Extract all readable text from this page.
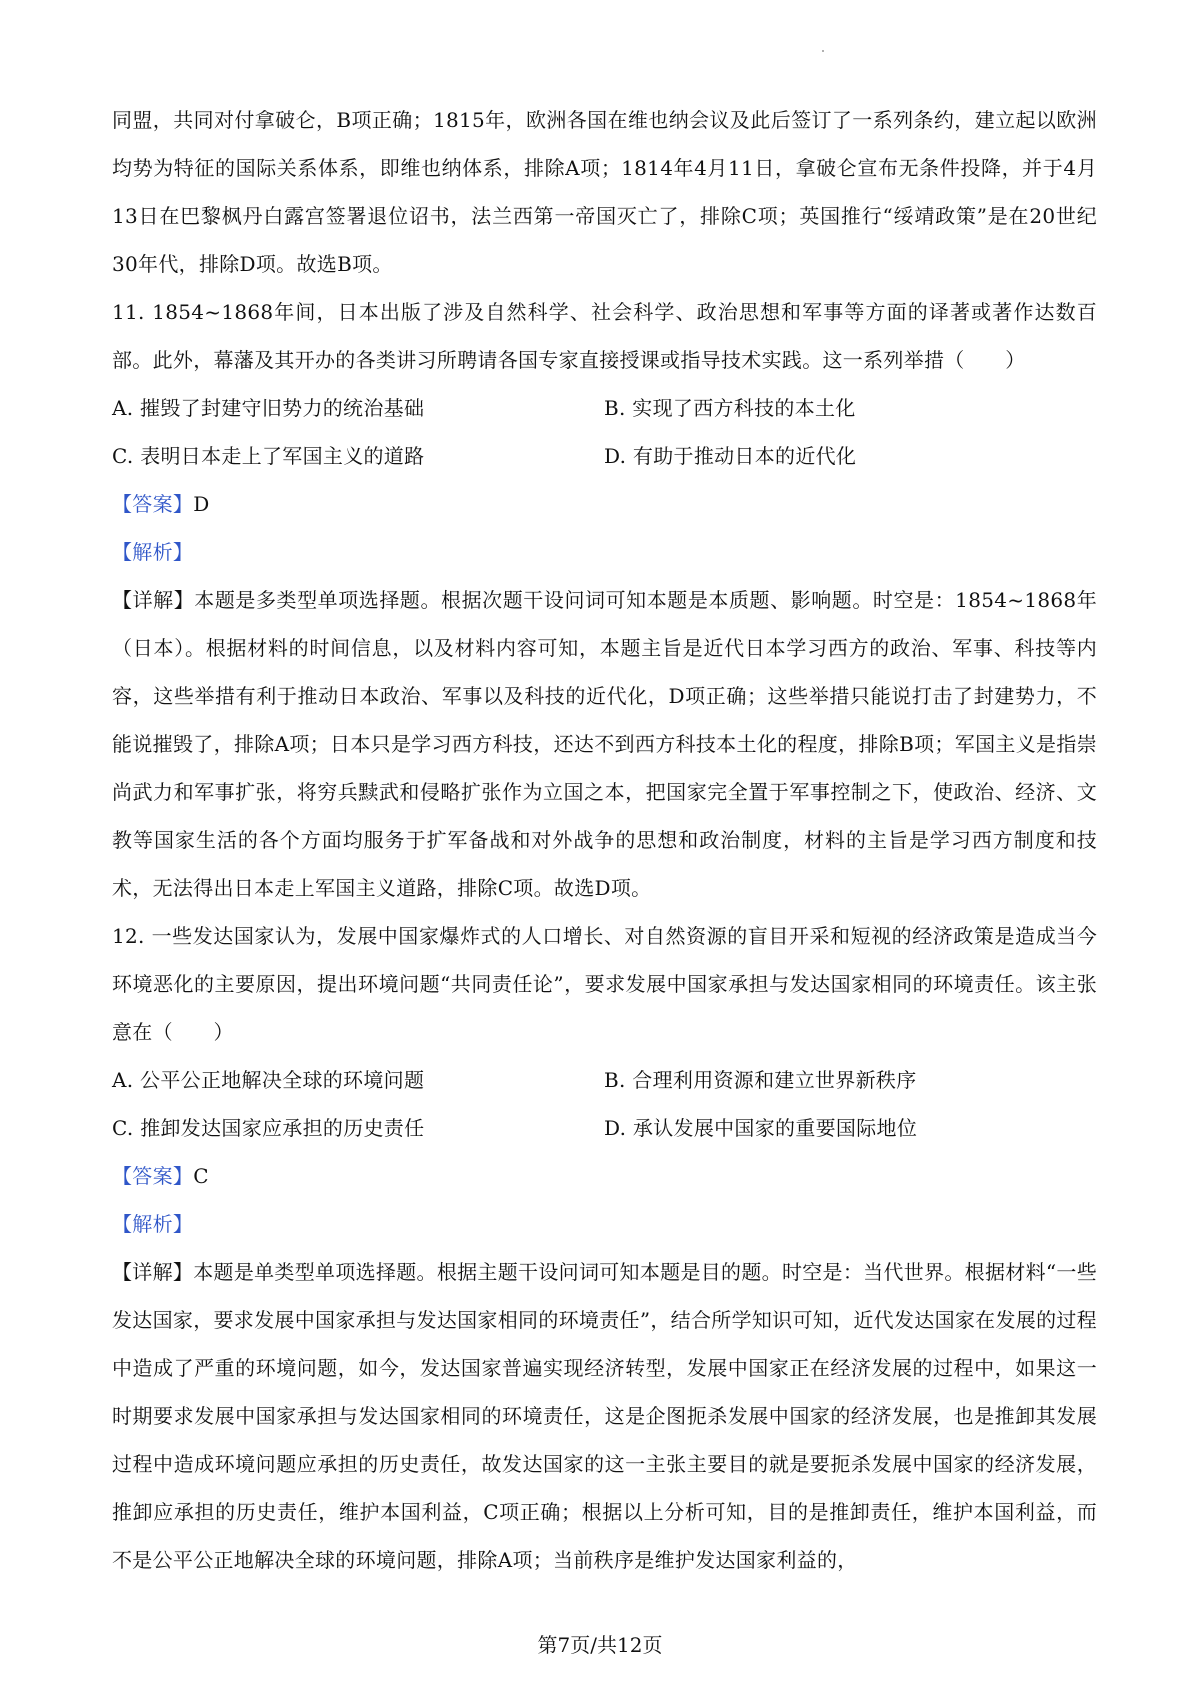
同盟，共同对付拿破仑，B项正确；1815年，欧洲各国在维也纳会议及此后签订了一系列条约，建立起以欧洲均势为特征的国际关系体系，即维也纳体系，排除A项；1814年4月11日，拿破仑宣布无条件投降，并于4月13日在巴黎枫丹白露宫签署退位诏书，法兰西第一帝国灭亡了，排除C项；英国推行“绥靖政策”是在20世纪30年代，排除D项。故选B项。

11. 1854~1868年间，日本出版了涉及自然科学、社会科学、政治思想和军事等方面的译著或著作达数百部。此外，幕藩及其开办的各类讲习所聘请各国专家直接授课或指导技术实践。这一系列举措（　　）

A. 摧毁了封建守旧势力的统治基础	B. 实现了西方科技的本土化
C. 表明日本走上了军国主义的道路	D. 有助于推动日本的近代化

【答案】D

【解析】

【详解】本题是多类型单项选择题。根据次题干设问词可知本题是本质题、影响题。时空是：1854~1868年（日本）。根据材料的时间信息，以及材料内容可知，本题主旨是近代日本学习西方的政治、军事、科技等内容，这些举措有利于推动日本政治、军事以及科技的近代化，D项正确；这些举措只能说打击了封建势力，不能说摧毁了，排除A项；日本只是学习西方科技，还达不到西方科技本土化的程度，排除B项；军国主义是指崇尚武力和军事扩张，将穷兵黩武和侵略扩张作为立国之本，把国家完全置于军事控制之下，使政治、经济、文教等国家生活的各个方面均服务于扩军备战和对外战争的思想和政治制度，材料的主旨是学习西方制度和技术，无法得出日本走上军国主义道路，排除C项。故选D项。

12. 一些发达国家认为，发展中国家爆炸式的人口增长、对自然资源的盲目开采和短视的经济政策是造成当今环境恶化的主要原因，提出环境问题“共同责任论”，要求发展中国家承担与发达国家相同的环境责任。该主张意在（　　）

A. 公平公正地解决全球的环境问题	B. 合理利用资源和建立世界新秩序
C. 推卸发达国家应承担的历史责任	D. 承认发展中国家的重要国际地位

【答案】C

【解析】

【详解】本题是单类型单项选择题。根据主题干设问词可知本题是目的题。时空是：当代世界。根据材料“一些发达国家，要求发展中国家承担与发达国家相同的环境责任”，结合所学知识可知，近代发达国家在发展的过程中造成了严重的环境问题，如今，发达国家普遍实现经济转型，发展中国家正在经济发展的过程中，如果这一时期要求发展中国家承担与发达国家相同的环境责任，这是企图扼杀发展中国家的经济发展，也是推卸其发展过程中造成环境问题应承担的历史责任，故发达国家的这一主张主要目的就是要扼杀发展中国家的经济发展， 推卸应承担的历史责任，维护本国利益，C项正确；根据以上分析可知，目的是推卸责任，维护本国利益，而不是公平公正地解决全球的环境问题，排除A项；当前秩序是维护发达国家利益的，

第7页/共12页
